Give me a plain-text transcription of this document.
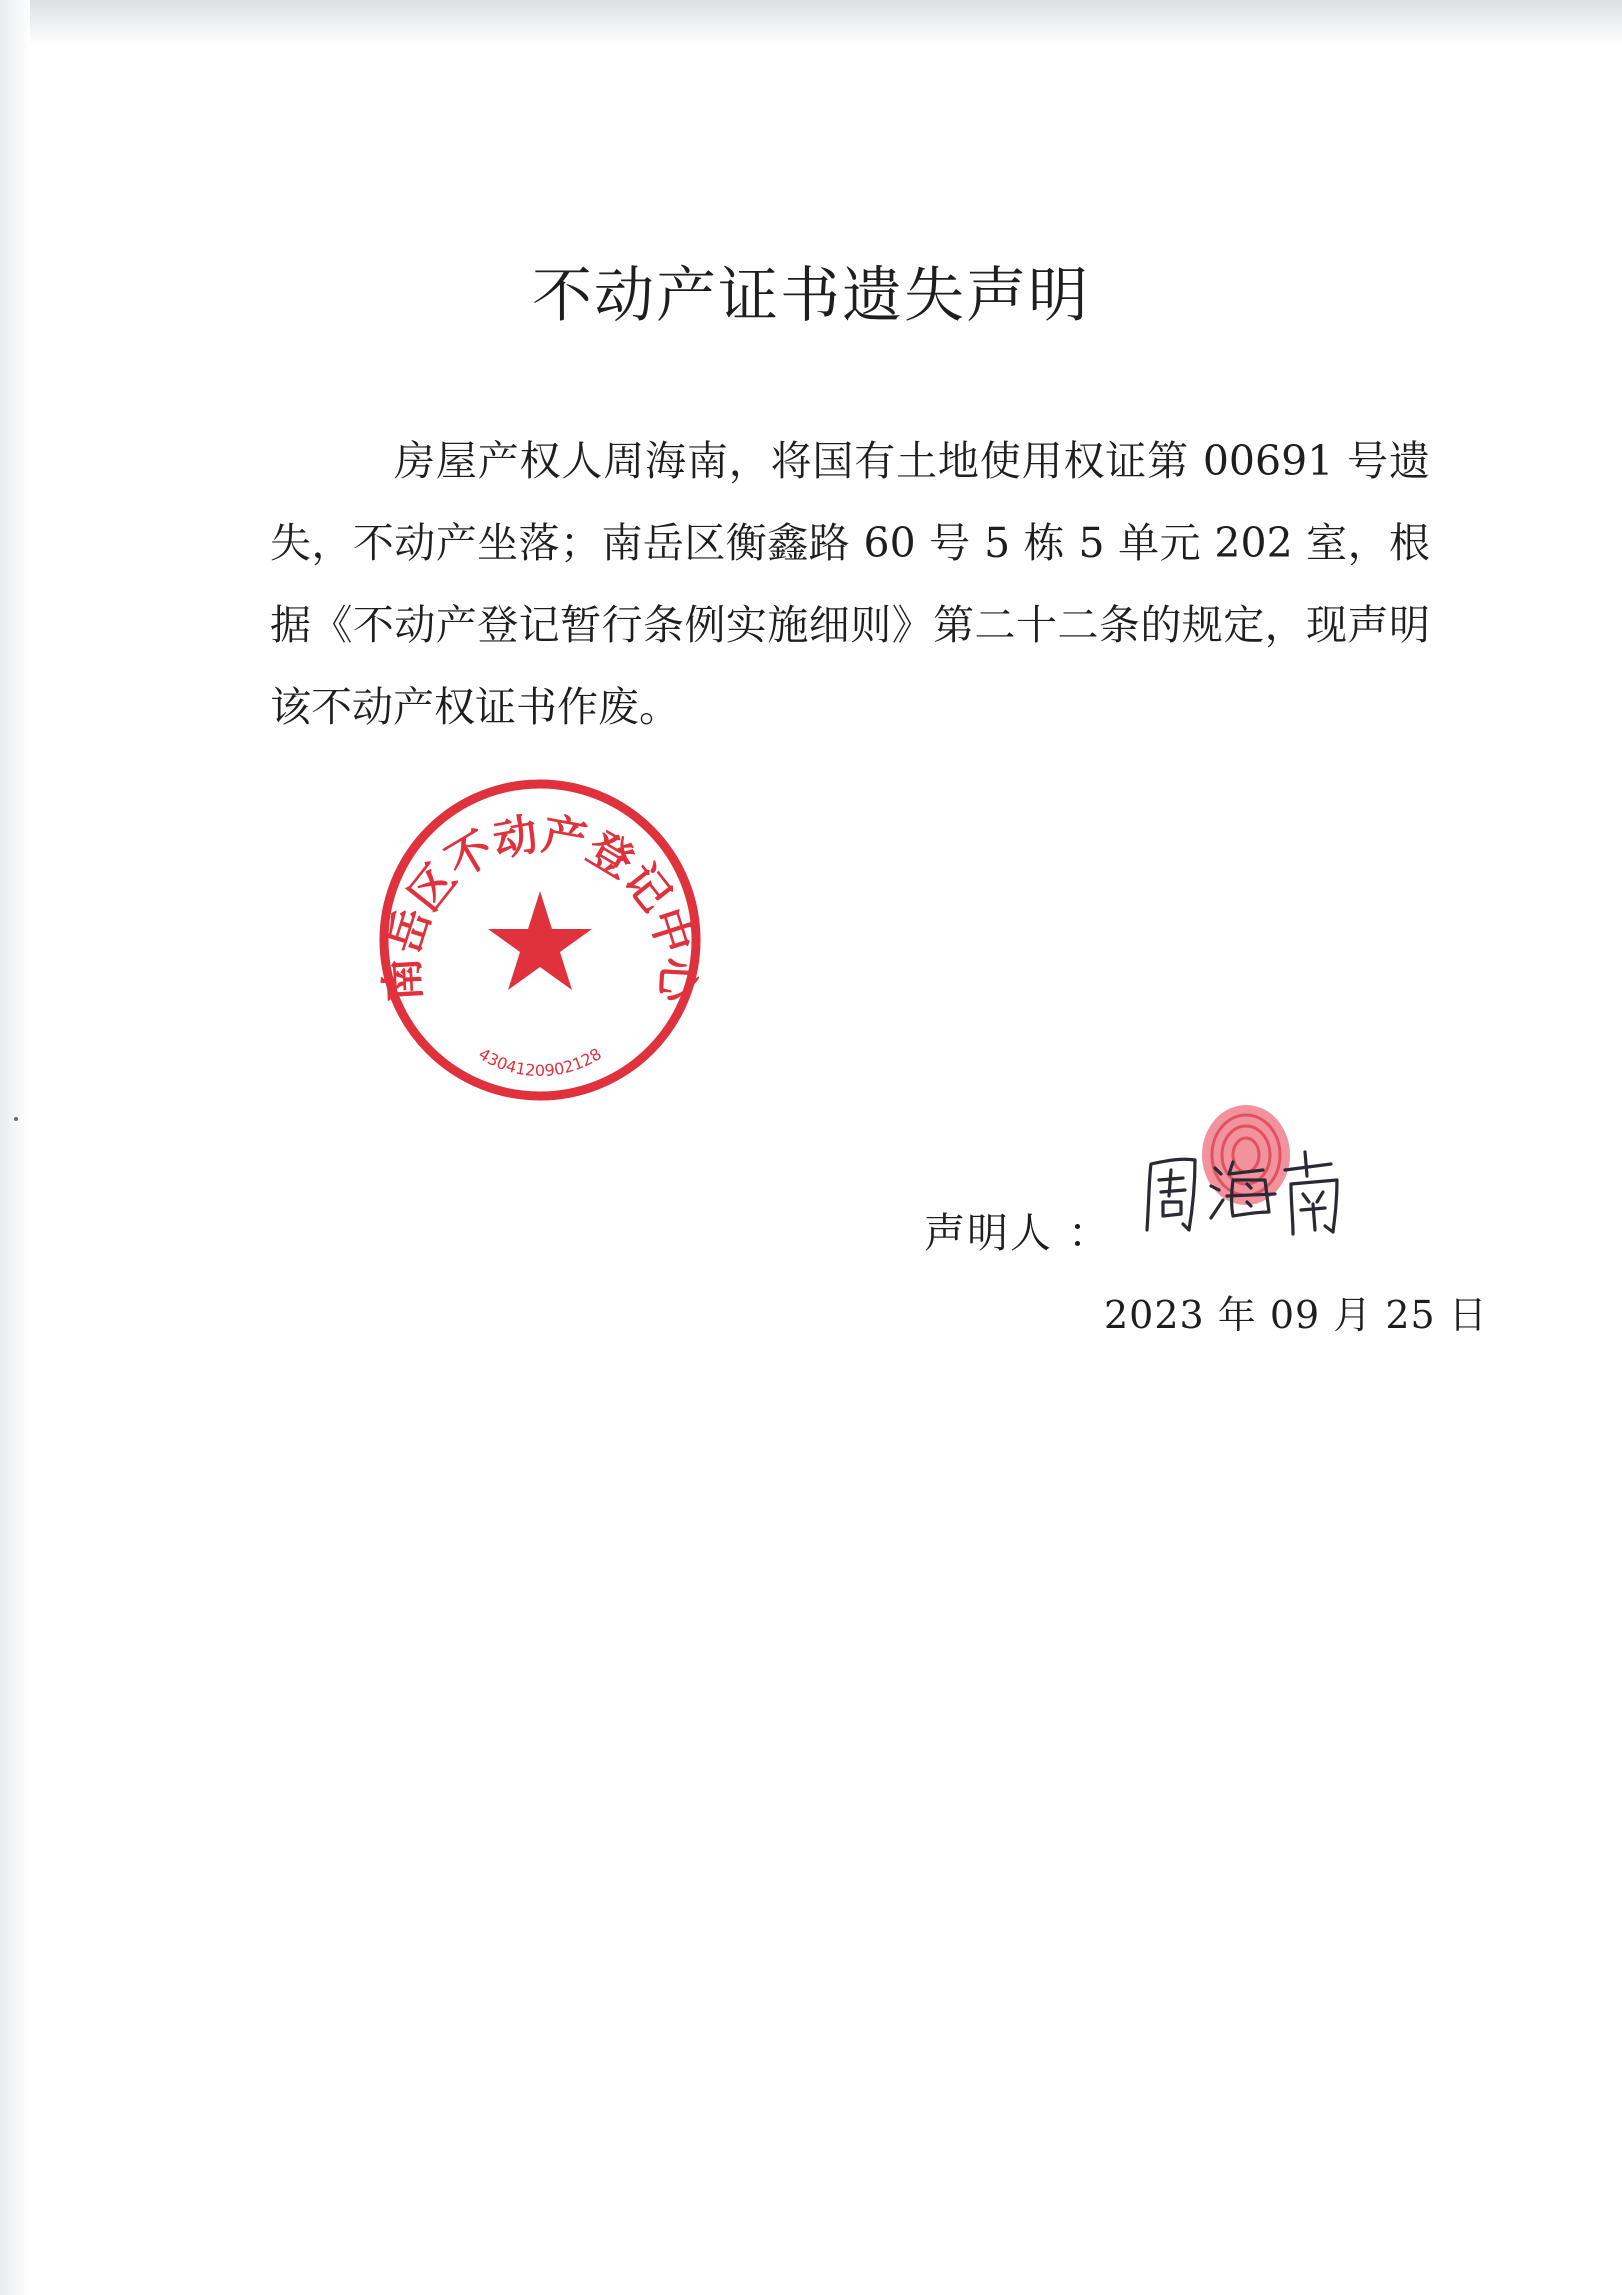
不动产证书遗失声明

房屋产权人周海南，将国有土地使用权证第 00691 号遗失，不动产坐落；南岳区衡鑫路 60 号 5 栋 5 单元 202 室，根据《不动产登记暂行条例实施细则》第二十二条的规定，现声明该不动产权证书作废。

南岳区不动产登记中心
4304120902128
声明人 ：
2023 年 09 月 25 日
